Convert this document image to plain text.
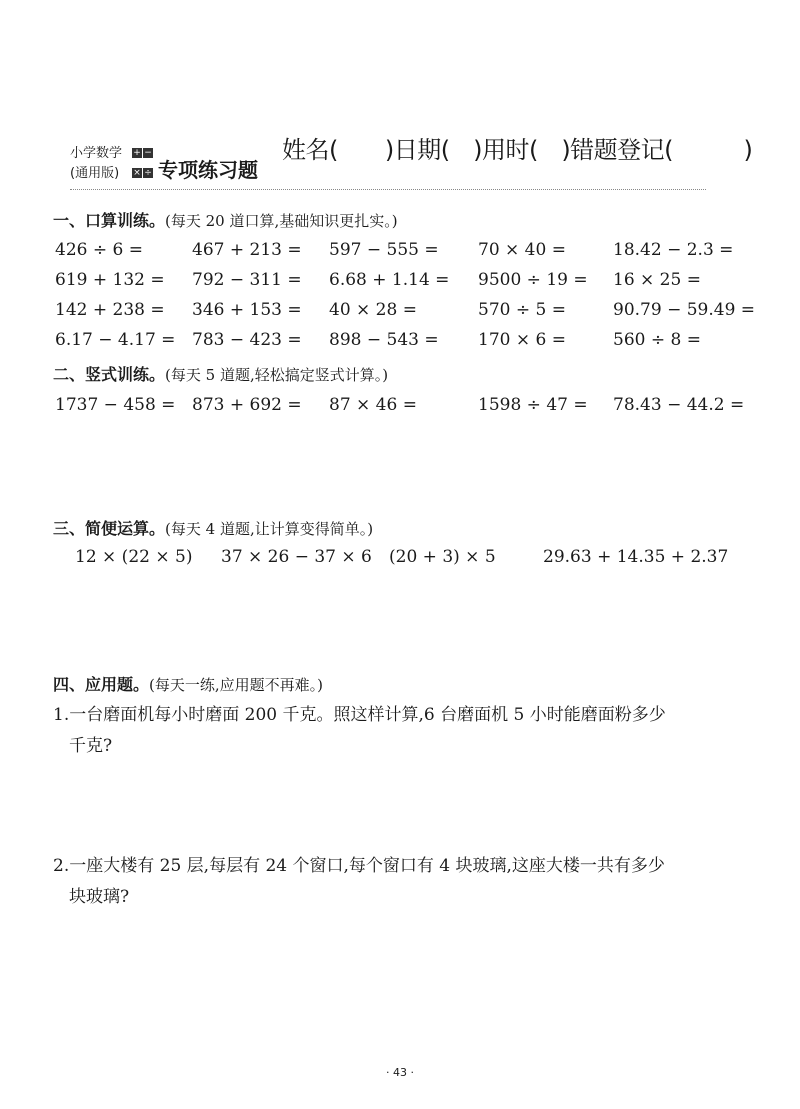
小学数学
(通用版)
+ −
× ÷ 专项练习题
姓名(　　)日期(　)用时(　)错题登记(　　　)
一、口算训练。(每天 20 道口算,基础知识更扎实。)
426 ÷ 6 =	467 + 213 = 597 − 555 = 70 × 40 =	18.42 − 2.3 =
619 + 132 = 792 − 311 = 6.68 + 1.14 = 9500 ÷ 19 = 16 × 25 =
142 + 238 = 346 + 153 = 40 × 28 =	570 ÷ 5 =	90.79 − 59.49 =
6.17 − 4.17 = 783 − 423 = 898 − 543 = 170 × 6 =	560 ÷ 8 =
二、竖式训练。(每天 5 道题,轻松搞定竖式计算。)
1737 − 458 = 873 + 692 = 87 × 46 =	1598 ÷ 47 = 78.43 − 44.2 =
三、简便运算。(每天 4 道题,让计算变得简单。)
12 × (22 × 5) 37 × 26 − 37 × 6 (20 + 3) × 5	29.63 + 14.35 + 2.37
四、应用题。(每天一练,应用题不再难。)
1.一台磨面机每小时磨面 200 千克。照这样计算,6 台磨面机 5 小时能磨面粉多少
千克?
2.一座大楼有 25 层,每层有 24 个窗口,每个窗口有 4 块玻璃,这座大楼一共有多少
块玻璃?
· 43 ·
